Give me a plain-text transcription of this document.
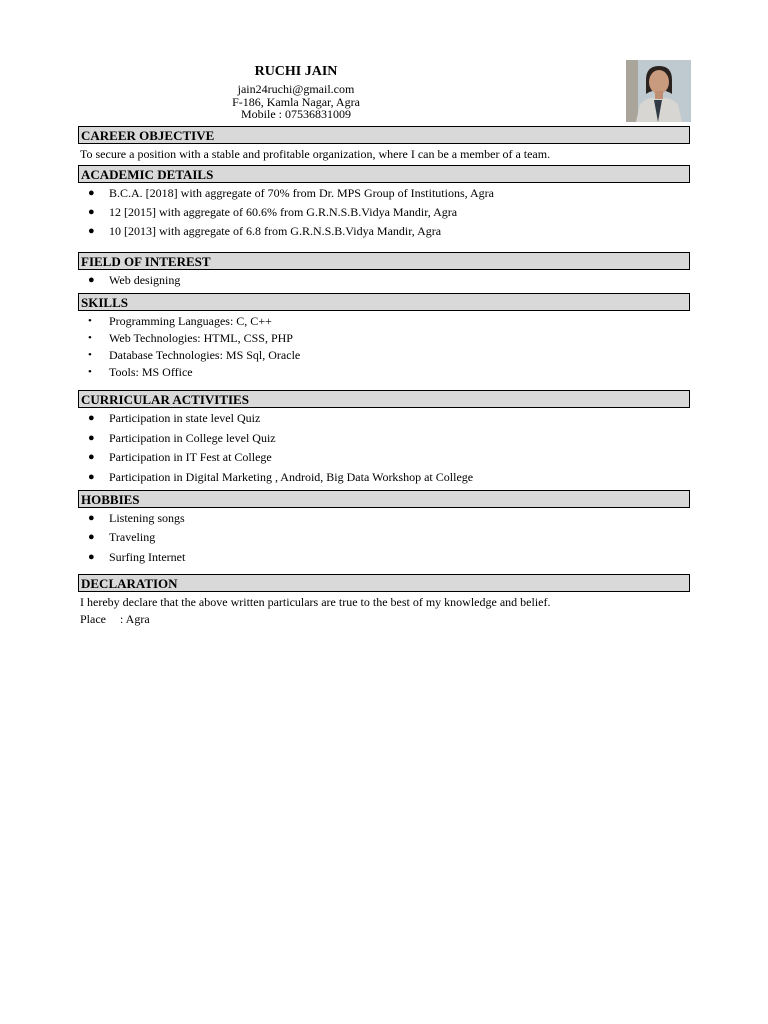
RUCHI JAIN
jain24ruchi@gmail.com
F-186, Kamla Nagar, Agra
Mobile : 07536831009
CAREER OBJECTIVE
To secure a position with a stable and profitable organization, where I can be a member of a team.
ACADEMIC DETAILS
●	B.C.A. [2018] with aggregate of 70% from Dr. MPS Group of Institutions, Agra
●	12 [2015] with aggregate of 60.6% from G.R.N.S.B.Vidya Mandir, Agra
●	10 [2013] with aggregate of 6.8 from G.R.N.S.B.Vidya Mandir, Agra
FIELD OF INTEREST
●	Web designing
SKILLS
•	Programming Languages: C, C++
•	Web Technologies: HTML, CSS, PHP
•	Database Technologies: MS Sql, Oracle
•	Tools: MS Office
CURRICULAR ACTIVITIES
●	Participation in state level Quiz
●	Participation in College level Quiz
●	Participation in IT Fest at College
●	Participation in Digital Marketing , Android, Big Data Workshop at College
HOBBIES
●	Listening songs
●	Traveling
●	Surfing Internet
DECLARATION
I hereby declare that the above written particulars are true to the best of my knowledge and belief.
Place : Agra
